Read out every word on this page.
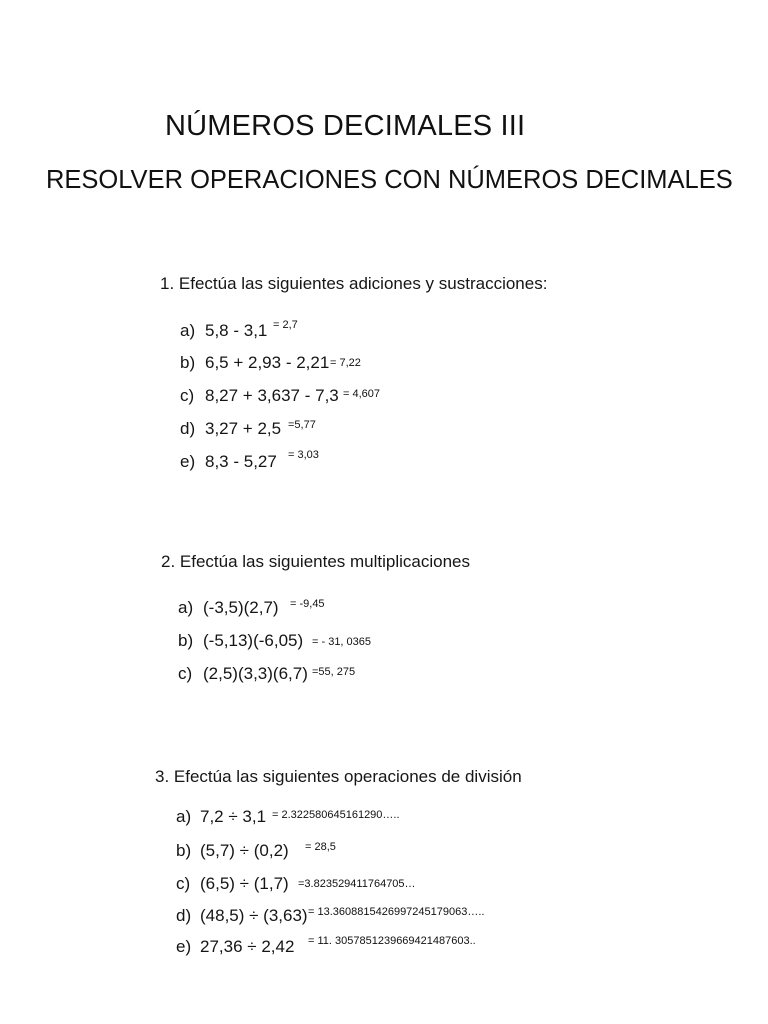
NÚMEROS DECIMALES III
RESOLVER OPERACIONES CON NÚMEROS DECIMALES
1. Efectúa las siguientes adiciones y sustracciones:
a) 5,8 - 3,1 = 2,7
b) 6,5 + 2,93 - 2,21 = 7,22
c) 8,27 + 3,637 - 7,3 = 4,607
d) 3,27 + 2,5 =5,77
e) 8,3 - 5,27 = 3,03
2. Efectúa las siguientes multiplicaciones
a) (-3,5)(2,7) = -9,45
b) (-5,13)(-6,05) = - 31, 0365
c) (2,5)(3,3)(6,7) =55, 275
3. Efectúa las siguientes operaciones de división
a) 7,2 ÷ 3,1 = 2.322580645161290…..
b) (5,7) ÷ (0,2) = 28,5
c) (6,5) ÷ (1,7) =3.823529411764705…
d) (48,5) ÷ (3,63) = 13.3608815426997245179063…..
e) 27,36 ÷ 2,42 = 11. 3057851239669421487603..
